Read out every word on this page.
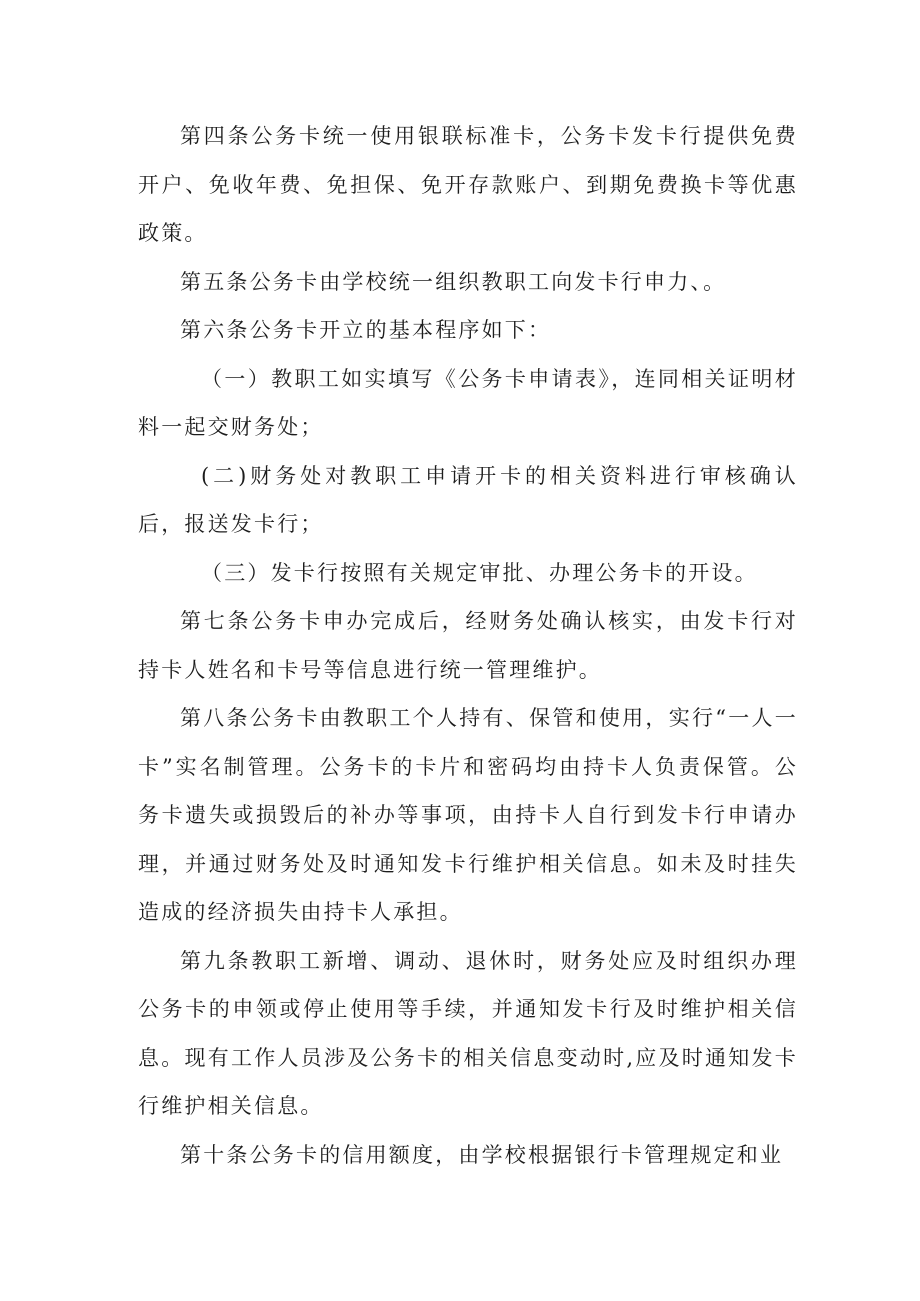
第四条公务卡统一使用银联标准卡，公务卡发卡行提供免费开户、免收年费、免担保、免开存款账户、到期免费换卡等优惠政策。

第五条公务卡由学校统一组织教职工向发卡行申力、。

第六条公务卡开立的基本程序如下：

（一）教职工如实填写《公务卡申请表》，连同相关证明材料一起交财务处；

(二)财务处对教职工申请开卡的相关资料进行审核确认后，报送发卡行；

（三）发卡行按照有关规定审批、办理公务卡的开设。

第七条公务卡申办完成后，经财务处确认核实，由发卡行对持卡人姓名和卡号等信息进行统一管理维护。

第八条公务卡由教职工个人持有、保管和使用，实行“一人一卡”实名制管理。公务卡的卡片和密码均由持卡人负责保管。公务卡遗失或损毁后的补办等事项，由持卡人自行到发卡行申请办理，并通过财务处及时通知发卡行维护相关信息。如未及时挂失造成的经济损失由持卡人承担。

第九条教职工新增、调动、退休时，财务处应及时组织办理公务卡的申领或停止使用等手续，并通知发卡行及时维护相关信息。现有工作人员涉及公务卡的相关信息变动时,应及时通知发卡行维护相关信息。

第十条公务卡的信用额度，由学校根据银行卡管理规定和业
